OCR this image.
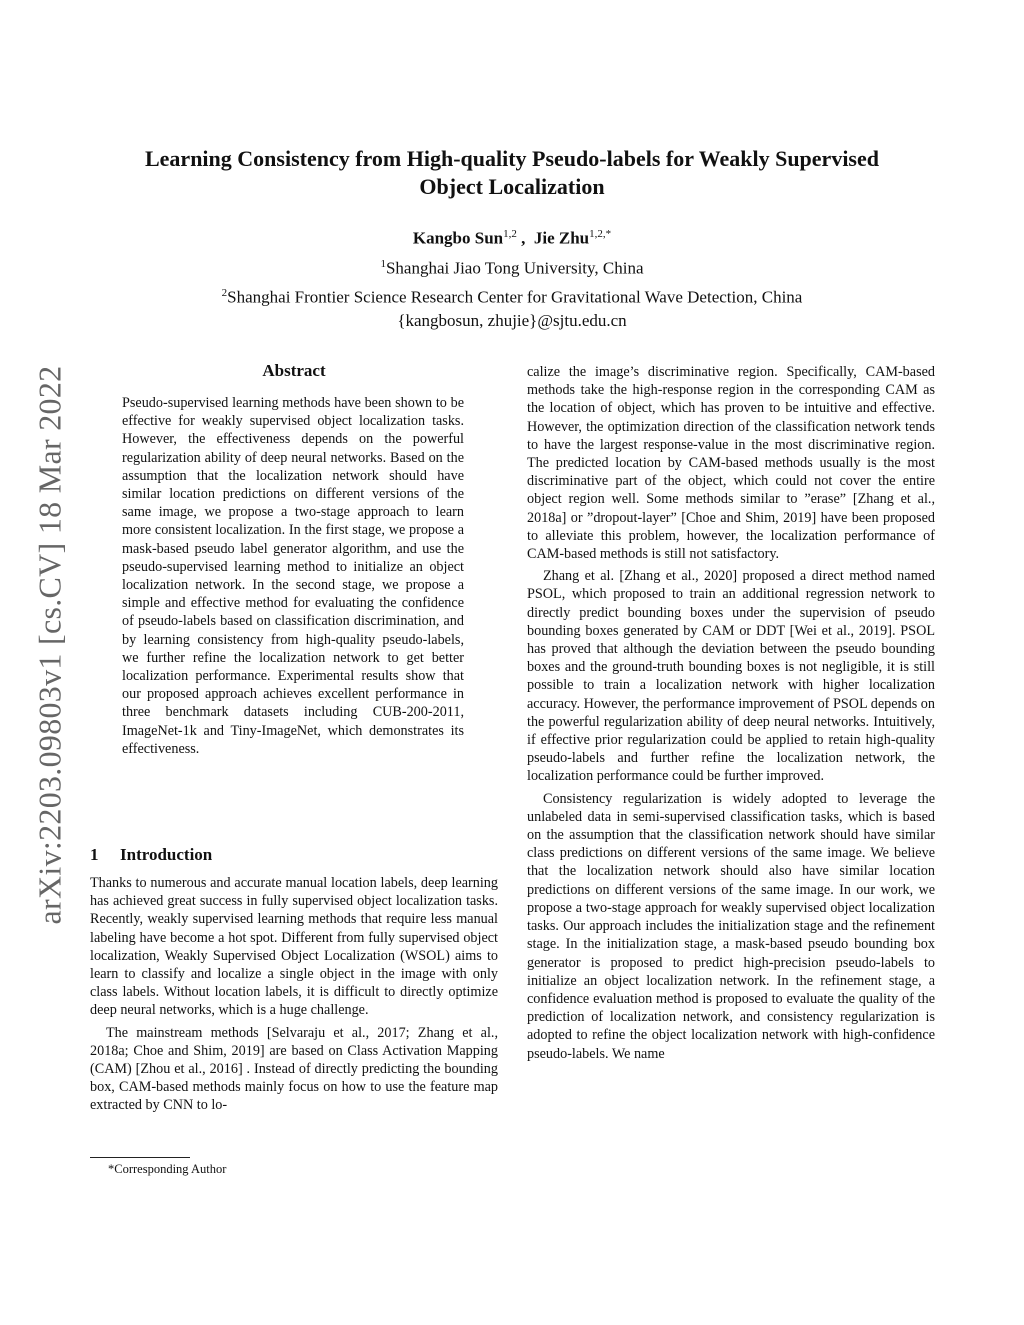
arXiv:2203.09803v1 [cs.CV] 18 Mar 2022
Learning Consistency from High-quality Pseudo-labels for Weakly Supervised
Object Localization
Kangbo Sun$^{1,2}$ ,  Jie Zhu$^{1,2,*}$
$^1$Shanghai Jiao Tong University, China
$^2$Shanghai Frontier Science Research Center for Gravitational Wave Detection, China
{kangbosun, zhujie}@sjtu.edu.cn
Abstract
Pseudo-supervised learning methods have been shown to be effective for weakly supervised object localization tasks. However, the effectiveness depends on the powerful regularization ability of deep neural networks. Based on the assumption that the localization network should have similar location predictions on different versions of the same image, we propose a two-stage approach to learn more consistent localization. In the first stage, we propose a mask-based pseudo label generator algorithm, and use the pseudo-supervised learning method to initialize an object localization network. In the second stage, we propose a simple and effective method for evaluating the confidence of pseudo-labels based on classification discrimination, and by learning consistency from high-quality pseudo-labels, we further refine the localization network to get better localization performance. Experimental results show that our proposed approach achieves excellent performance in three benchmark datasets including CUB-200-2011, ImageNet-1k and Tiny-ImageNet, which demonstrates its effectiveness.
1 Introduction

Thanks to numerous and accurate manual location labels, deep learning has achieved great success in fully supervised object localization tasks. Recently, weakly supervised learning methods that require less manual labeling have become a hot spot. Different from fully supervised object localization, Weakly Supervised Object Localization (WSOL) aims to learn to classify and localize a single object in the image with only class labels. Without location labels, it is difficult to directly optimize deep neural networks, which is a huge challenge.

The mainstream methods [Selvaraju et al., 2017; Zhang et al., 2018a; Choe and Shim, 2019] are based on Class Activation Mapping (CAM) [Zhou et al., 2016] . Instead of directly predicting the bounding box, CAM-based methods mainly focus on how to use the feature map extracted by CNN to lo-

*Corresponding Author

calize the image’s discriminative region. Specifically, CAM-based methods take the high-response region in the corresponding CAM as the location of object, which has proven to be intuitive and effective. However, the optimization direction of the classification network tends to have the largest response-value in the most discriminative region. The predicted location by CAM-based methods usually is the most discriminative part of the object, which could not cover the entire object region well. Some methods similar to ”erase” [Zhang et al., 2018a] or ”dropout-layer” [Choe and Shim, 2019] have been proposed to alleviate this problem, however, the localization performance of CAM-based methods is still not satisfactory.

Zhang et al. [Zhang et al., 2020] proposed a direct method named PSOL, which proposed to train an additional regression network to directly predict bounding boxes under the supervision of pseudo bounding boxes generated by CAM or DDT [Wei et al., 2019]. PSOL has proved that although the deviation between the pseudo bounding boxes and the ground-truth bounding boxes is not negligible, it is still possible to train a localization network with higher localization accuracy. However, the performance improvement of PSOL depends on the powerful regularization ability of deep neural networks. Intuitively, if effective prior regularization could be applied to retain high-quality pseudo-labels and further refine the localization network, the localization performance could be further improved.

Consistency regularization is widely adopted to leverage the unlabeled data in semi-supervised classification tasks, which is based on the assumption that the classification network should have similar class predictions on different versions of the same image. We believe that the localization network should also have similar location predictions on different versions of the same image. In our work, we propose a two-stage approach for weakly supervised object localization tasks. Our approach includes the initialization stage and the refinement stage. In the initialization stage, a mask-based pseudo bounding box generator is proposed to predict high-precision pseudo-labels to initialize an object localization network. In the refinement stage, a confidence evaluation method is proposed to evaluate the quality of the prediction of localization network, and consistency regularization is adopted to refine the object localization network with high-confidence pseudo-labels. We name
